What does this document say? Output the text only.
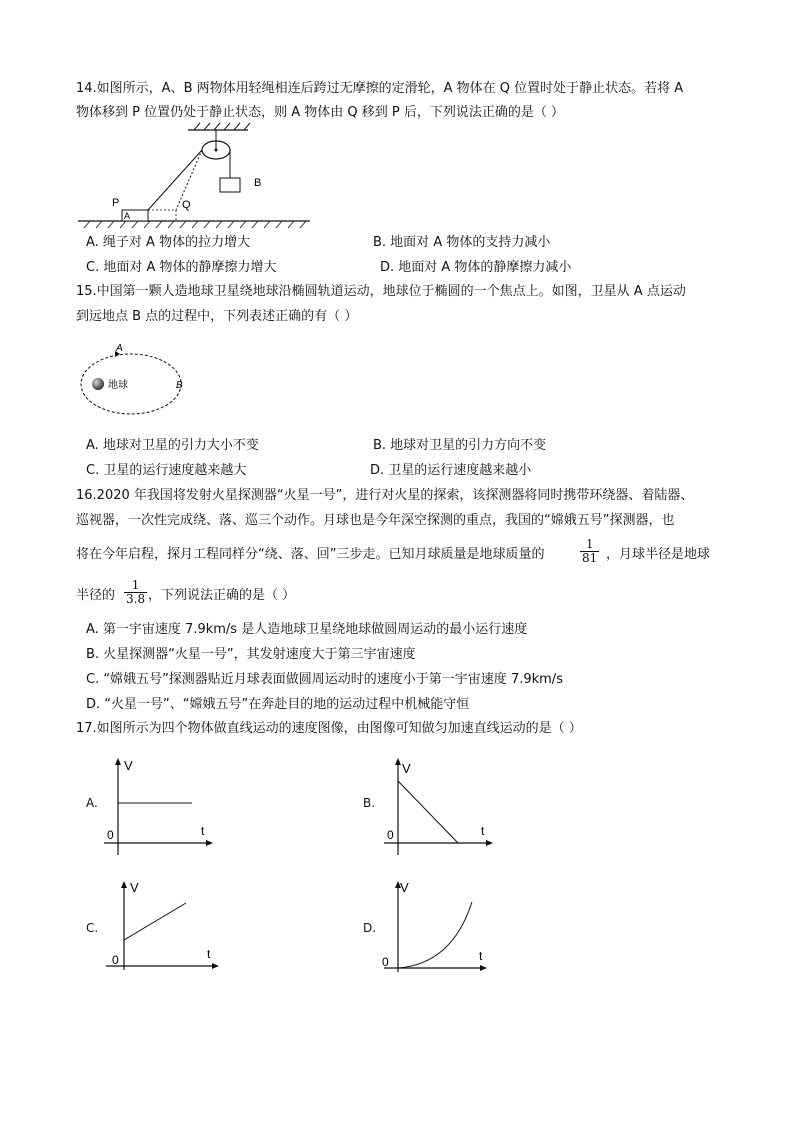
14.如图所示，A、B 两物体用轻绳相连后跨过无摩擦的定滑轮，A 物体在 Q 位置时处于静止状态。若将 A
物体移到 P 位置仍处于静止状态，则 A 物体由 Q 移到 P 后，下列说法正确的是（ ）
B
A
P	Q
A. 绳子对 A 物体的拉力增大	B. 地面对 A 物体的支持力减小
C. 地面对 A 物体的静摩擦力增大	D. 地面对 A 物体的静摩擦力减小
15.中国第一颗人造地球卫星绕地球沿椭圆轨道运动，地球位于椭圆的一个焦点上。如图，卫星从 A 点运动
到远地点 B 点的过程中，下列表述正确的有（ ）
A
B
地球
A. 地球对卫星的引力大小不变	B. 地球对卫星的引力方向不变
C. 卫星的运行速度越来越大	D. 卫星的运行速度越来越小
16.2020 年我国将发射火星探测器“火星一号”，进行对火星的探索，该探测器将同时携带环绕器、着陆器、
巡视器，一次性完成绕、落、巡三个动作。月球也是今年深空探测的重点，我国的“嫦娥五号”探测器，也
将在今年启程，探月工程同样分“绕、落、回”三步走。已知月球质量是地球质量的	$\frac{1}{81}$ ，月球半径是地球
半径的 $\frac{1}{3.8}$ ，下列说法正确的是（ ）
A. 第一宇宙速度 7.9km/s 是人造地球卫星绕地球做圆周运动的最小运行速度
B. 火星探测器“火星一号”，其发射速度大于第三宇宙速度
C. “嫦娥五号”探测器贴近月球表面做圆周运动时的速度小于第一宇宙速度 7.9km/s
D. “火星一号”、“嫦娥五号”在奔赴目的地的运动过程中机械能守恒
17.如图所示为四个物体做直线运动的速度图像，由图像可知做匀加速直线运动的是（ ）
A.
V
t
0
B.
V
t
0
C.
V
t
0
D.
V
t
0
